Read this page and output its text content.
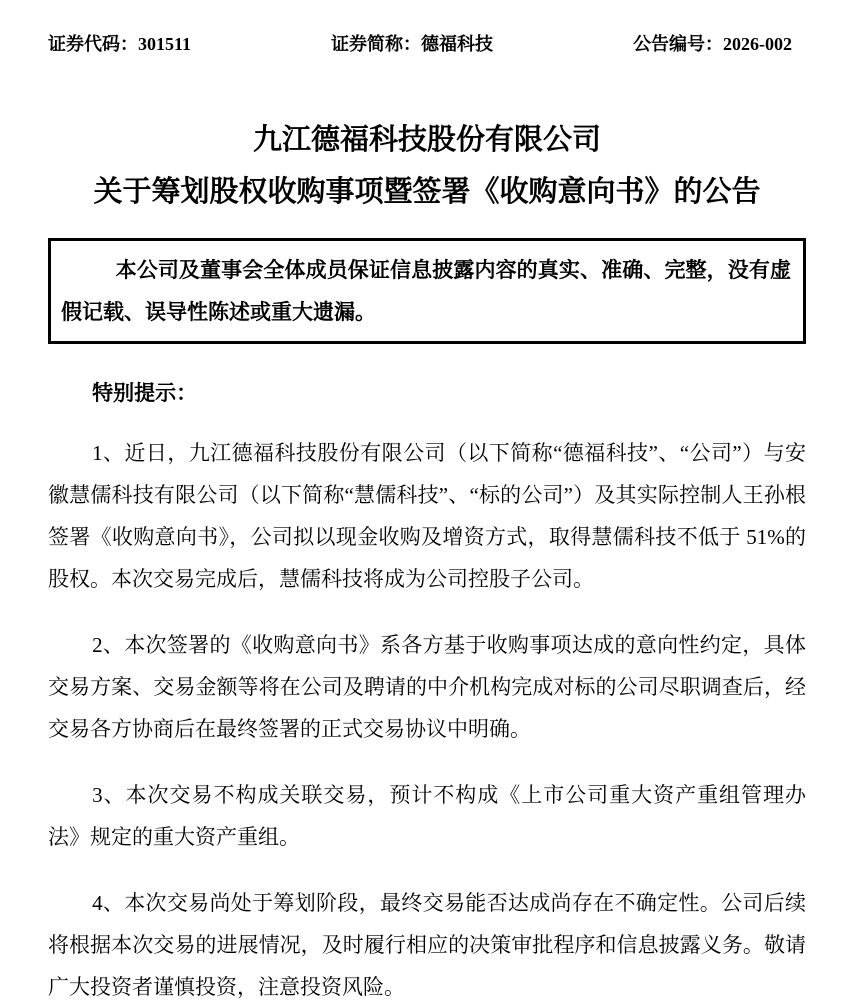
证券代码：301511	证券简称：德福科技	公告编号：2026-002
九江德福科技股份有限公司
关于筹划股权收购事项暨签署《收购意向书》的公告

本公司及董事会全体成员保证信息披露内容的真实、准确、完整，没有虚假记载、误导性陈述或重大遗漏。

特别提示：

1、近日，九江德福科技股份有限公司（以下简称“德福科技”、“公司”）与安徽慧儒科技有限公司（以下简称“慧儒科技”、“标的公司”）及其实际控制人王孙根签署《收购意向书》，公司拟以现金收购及增资方式，取得慧儒科技不低于 51%的股权。本次交易完成后，慧儒科技将成为公司控股子公司。

2、本次签署的《收购意向书》系各方基于收购事项达成的意向性约定，具体交易方案、交易金额等将在公司及聘请的中介机构完成对标的公司尽职调查后，经交易各方协商后在最终签署的正式交易协议中明确。

3、本次交易不构成关联交易，预计不构成《上市公司重大资产重组管理办法》规定的重大资产重组。

4、本次交易尚处于筹划阶段，最终交易能否达成尚存在不确定性。公司后续将根据本次交易的进展情况，及时履行相应的决策审批程序和信息披露义务。敬请广大投资者谨慎投资，注意投资风险。
